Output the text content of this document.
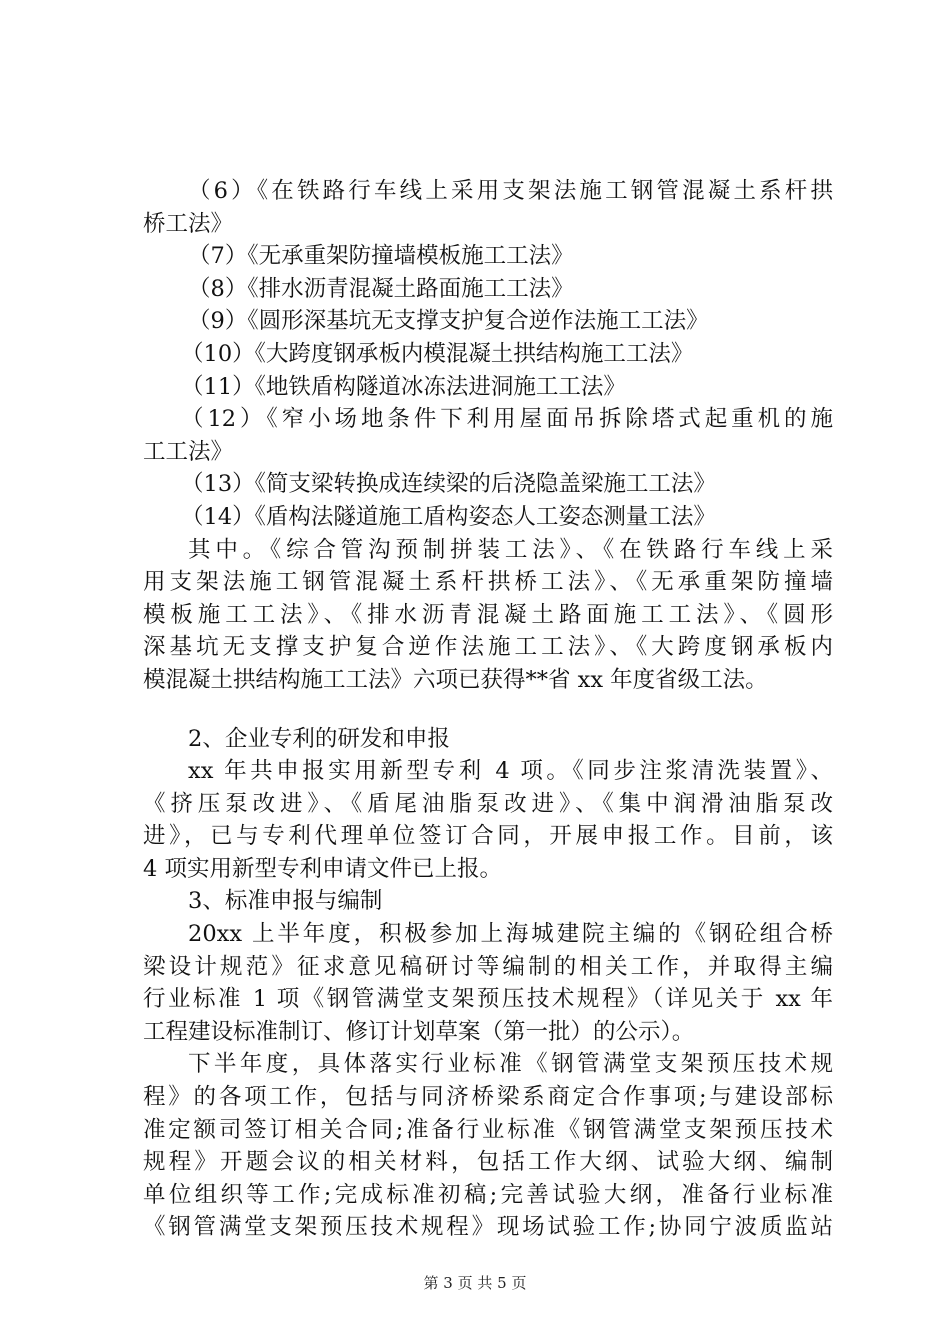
（6）《在铁路行车线上采用支架法施工钢管混凝土系杆拱
桥工法》
（7）《无承重架防撞墙模板施工工法》
（8）《排水沥青混凝土路面施工工法》
（9）《圆形深基坑无支撑支护复合逆作法施工工法》
（10）《大跨度钢承板内模混凝土拱结构施工工法》
（11）《地铁盾构隧道冰冻法进洞施工工法》
（12）《窄小场地条件下利用屋面吊拆除塔式起重机的施
工工法》
（13）《简支梁转换成连续梁的后浇隐盖梁施工工法》
（14）《盾构法隧道施工盾构姿态人工姿态测量工法》
其中。《综合管沟预制拼装工法》、《在铁路行车线上采
用支架法施工钢管混凝土系杆拱桥工法》、《无承重架防撞墙
模板施工工法》、《排水沥青混凝土路面施工工法》、《圆形
深基坑无支撑支护复合逆作法施工工法》、《大跨度钢承板内
模混凝土拱结构施工工法》六项已获得**省 xx 年度省级工法。
2、企业专利的研发和申报
xx 年共申报实用新型专利 4 项。《同步注浆清洗装置》、
《挤压泵改进》、《盾尾油脂泵改进》、《集中润滑油脂泵改
进》，已与专利代理单位签订合同，开展申报工作。目前，该
4 项实用新型专利申请文件已上报。
3、标准申报与编制
20xx 上半年度，积极参加上海城建院主编的《钢砼组合桥
梁设计规范》征求意见稿研讨等编制的相关工作，并取得主编
行业标准 1 项《钢管满堂支架预压技术规程》（详见关于 xx 年
工程建设标准制订、修订计划草案（第一批）的公示）。
下半年度，具体落实行业标准《钢管满堂支架预压技术规
程》的各项工作，包括与同济桥梁系商定合作事项;与建设部标
准定额司签订相关合同;准备行业标准《钢管满堂支架预压技术
规程》开题会议的相关材料，包括工作大纲、试验大纲、编制
单位组织等工作;完成标准初稿;完善试验大纲，准备行业标准
《钢管满堂支架预压技术规程》现场试验工作;协同宁波质监站
第 3 页 共 5 页
